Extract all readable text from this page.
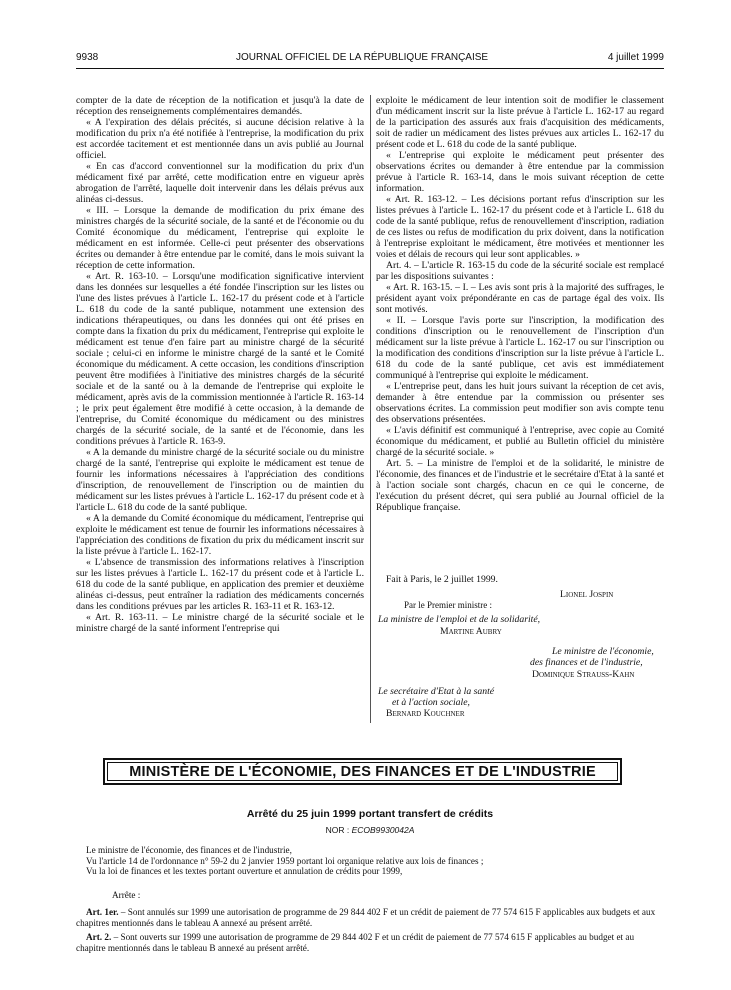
9938	JOURNAL OFFICIEL DE LA RÉPUBLIQUE FRANÇAISE	4 juillet 1999

compter de la date de réception de la notification et jusqu'à la date de réception des renseignements complémentaires demandés.

« A l'expiration des délais précités, si aucune décision relative à la modification du prix n'a été notifiée à l'entreprise, la modification du prix est accordée tacitement et est mentionnée dans un avis publié au Journal officiel.

« En cas d'accord conventionnel sur la modification du prix d'un médicament fixé par arrêté, cette modification entre en vigueur après abrogation de l'arrêté, laquelle doit intervenir dans les délais prévus aux alinéas ci-dessus.

« III. – Lorsque la demande de modification du prix émane des ministres chargés de la sécurité sociale, de la santé et de l'économie ou du Comité économique du médicament, l'entreprise qui exploite le médicament en est informée. Celle-ci peut présenter des observations écrites ou demander à être entendue par le comité, dans le mois suivant la réception de cette information.

« Art. R. 163-10. – Lorsqu'une modification significative intervient dans les données sur lesquelles a été fondée l'inscription sur les listes ou l'une des listes prévues à l'article L. 162-17 du présent code et à l'article L. 618 du code de la santé publique, notamment une extension des indications thérapeutiques, ou dans les données qui ont été prises en compte dans la fixation du prix du médicament, l'entreprise qui exploite le médicament est tenue d'en faire part au ministre chargé de la sécurité sociale ; celui-ci en informe le ministre chargé de la santé et le Comité économique du médicament. A cette occasion, les conditions d'inscription peuvent être modifiées à l'initiative des ministres chargés de la sécurité sociale et de la santé ou à la demande de l'entreprise qui exploite le médicament, après avis de la commission mentionnée à l'article R. 163-14 ; le prix peut également être modifié à cette occasion, à la demande de l'entreprise, du Comité économique du médicament ou des ministres chargés de la sécurité sociale, de la santé et de l'économie, dans les conditions prévues à l'article R. 163-9.

« A la demande du ministre chargé de la sécurité sociale ou du ministre chargé de la santé, l'entreprise qui exploite le médicament est tenue de fournir les informations nécessaires à l'appréciation des conditions d'inscription, de renouvellement de l'inscription ou de maintien du médicament sur les listes prévues à l'article L. 162-17 du présent code et à l'article L. 618 du code de la santé publique.

« A la demande du Comité économique du médicament, l'entreprise qui exploite le médicament est tenue de fournir les informations nécessaires à l'appréciation des conditions de fixation du prix du médicament inscrit sur la liste prévue à l'article L. 162-17.

« L'absence de transmission des informations relatives à l'inscription sur les listes prévues à l'article L. 162-17 du présent code et à l'article L. 618 du code de la santé publique, en application des premier et deuxième alinéas ci-dessus, peut entraîner la radiation des médicaments concernés dans les conditions prévues par les articles R. 163-11 et R. 163-12.

« Art. R. 163-11. – Le ministre chargé de la sécurité sociale et le ministre chargé de la santé informent l'entreprise qui

exploite le médicament de leur intention soit de modifier le classement d'un médicament inscrit sur la liste prévue à l'article L. 162-17 au regard de la participation des assurés aux frais d'acquisition des médicaments, soit de radier un médicament des listes prévues aux articles L. 162-17 du présent code et L. 618 du code de la santé publique.

« L'entreprise qui exploite le médicament peut présenter des observations écrites ou demander à être entendue par la commission prévue à l'article R. 163-14, dans le mois suivant réception de cette information.

« Art. R. 163-12. – Les décisions portant refus d'inscription sur les listes prévues à l'article L. 162-17 du présent code et à l'article L. 618 du code de la santé publique, refus de renouvellement d'inscription, radiation de ces listes ou refus de modification du prix doivent, dans la notification à l'entreprise exploitant le médicament, être motivées et mentionner les voies et délais de recours qui leur sont applicables. »

Art. 4. – L'article R. 163-15 du code de la sécurité sociale est remplacé par les dispositions suivantes :

« Art. R. 163-15. – I. – Les avis sont pris à la majorité des suffrages, le président ayant voix prépondérante en cas de partage égal des voix. Ils sont motivés.

« II. – Lorsque l'avis porte sur l'inscription, la modification des conditions d'inscription ou le renouvellement de l'inscription d'un médicament sur la liste prévue à l'article L. 162-17 ou sur l'inscription ou la modification des conditions d'inscription sur la liste prévue à l'article L. 618 du code de la santé publique, cet avis est immédiatement communiqué à l'entreprise qui exploite le médicament.

« L'entreprise peut, dans les huit jours suivant la réception de cet avis, demander à être entendue par la commission ou présenter ses observations écrites. La commission peut modifier son avis compte tenu des observations présentées.

« L'avis définitif est communiqué à l'entreprise, avec copie au Comité économique du médicament, et publié au Bulletin officiel du ministère chargé de la sécurité sociale. »

Art. 5. – La ministre de l'emploi et de la solidarité, le ministre de l'économie, des finances et de l'industrie et le secrétaire d'Etat à la santé et à l'action sociale sont chargés, chacun en ce qui le concerne, de l'exécution du présent décret, qui sera publié au Journal officiel de la République française.

Fait à Paris, le 2 juillet 1999.
Lionel Jospin
Par le Premier ministre :
La ministre de l'emploi et de la solidarité,
Martine Aubry
Le ministre de l'économie,
des finances et de l'industrie,
Dominique Strauss-Kahn
Le secrétaire d'Etat à la santé
et à l'action sociale,
Bernard Kouchner
MINISTÈRE DE L'ÉCONOMIE, DES FINANCES ET DE L'INDUSTRIE
Arrêté du 25 juin 1999 portant transfert de crédits
NOR : ECOB9930042A

Le ministre de l'économie, des finances et de l'industrie,

Vu l'article 14 de l'ordonnance n° 59-2 du 2 janvier 1959 portant loi organique relative aux lois de finances ;

Vu la loi de finances et les textes portant ouverture et annulation de crédits pour 1999,

Arrête :

Art. 1er. – Sont annulés sur 1999 une autorisation de programme de 29 844 402 F et un crédit de paiement de 77 574 615 F applicables aux budgets et aux chapitres mentionnés dans le tableau A annexé au présent arrêté.

Art. 2. – Sont ouverts sur 1999 une autorisation de programme de 29 844 402 F et un crédit de paiement de 77 574 615 F applicables au budget et au chapitre mentionnés dans le tableau B annexé au présent arrêté.
